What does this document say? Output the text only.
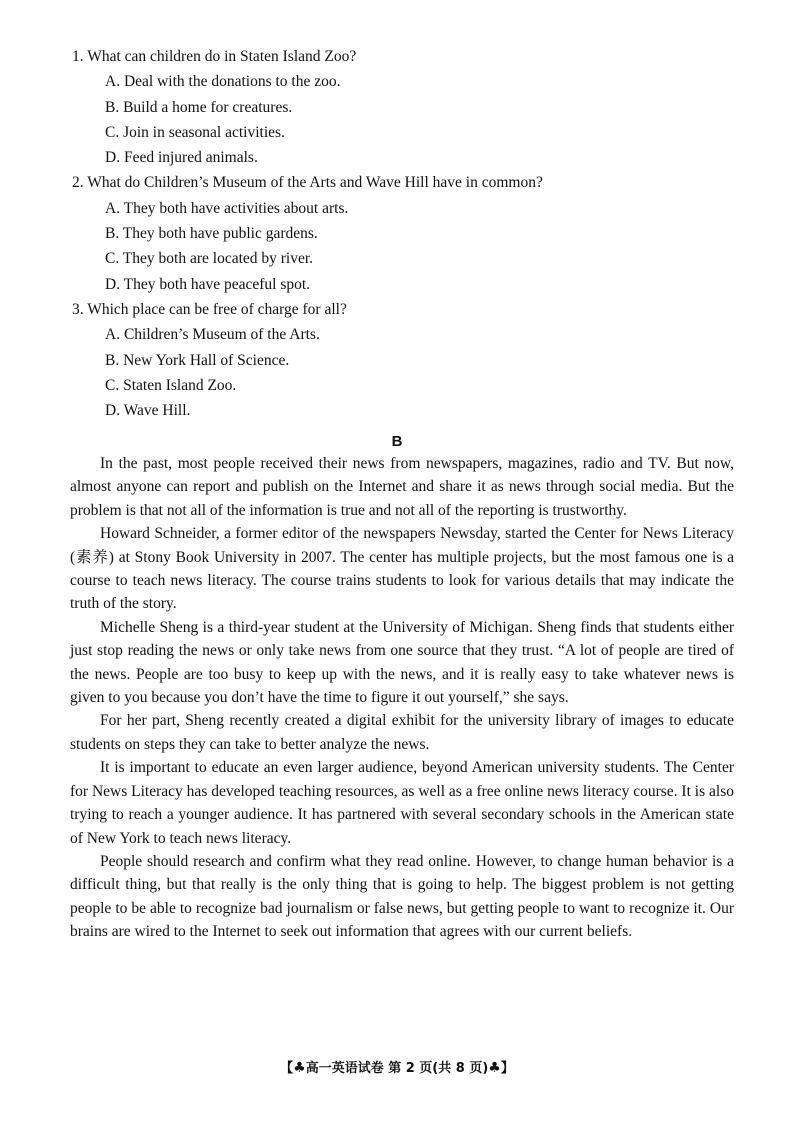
1. What can children do in Staten Island Zoo?

A. Deal with the donations to the zoo.

B. Build a home for creatures.

C. Join in seasonal activities.

D. Feed injured animals.

2. What do Children’s Museum of the Arts and Wave Hill have in common?

A. They both have activities about arts.

B. They both have public gardens.

C. They both are located by river.

D. They both have peaceful spot.

3. Which place can be free of charge for all?

A. Children’s Museum of the Arts.

B. New York Hall of Science.

C. Staten Island Zoo.

D. Wave Hill.

B

In the past, most people received their news from newspapers, magazines, radio and TV. But now, almost anyone can report and publish on the Internet and share it as news through social media. But the problem is that not all of the information is true and not all of the reporting is trustworthy.

Howard Schneider, a former editor of the newspapers Newsday, started the Center for News Literacy (素养) at Stony Book University in 2007. The center has multiple projects, but the most famous one is a course to teach news literacy. The course trains students to look for various details that may indicate the truth of the story.

Michelle Sheng is a third-year student at the University of Michigan. Sheng finds that students either just stop reading the news or only take news from one source that they trust. “A lot of people are tired of the news. People are too busy to keep up with the news, and it is really easy to take whatever news is given to you because you don’t have the time to figure it out yourself,” she says.

For her part, Sheng recently created a digital exhibit for the university library of images to educate students on steps they can take to better analyze the news.

It is important to educate an even larger audience, beyond American university students. The Center for News Literacy has developed teaching resources, as well as a free online news literacy course. It is also trying to reach a younger audience. It has partnered with several secondary schools in the American state of New York to teach news literacy.

People should research and confirm what they read online. However, to change human behavior is a difficult thing, but that really is the only thing that is going to help. The biggest problem is not getting people to be able to recognize bad journalism or false news, but getting people to want to recognize it. Our brains are wired to the Internet to seek out information that agrees with our current beliefs.

【♣高一英语试卷 第 2 页(共 8 页)♣】
